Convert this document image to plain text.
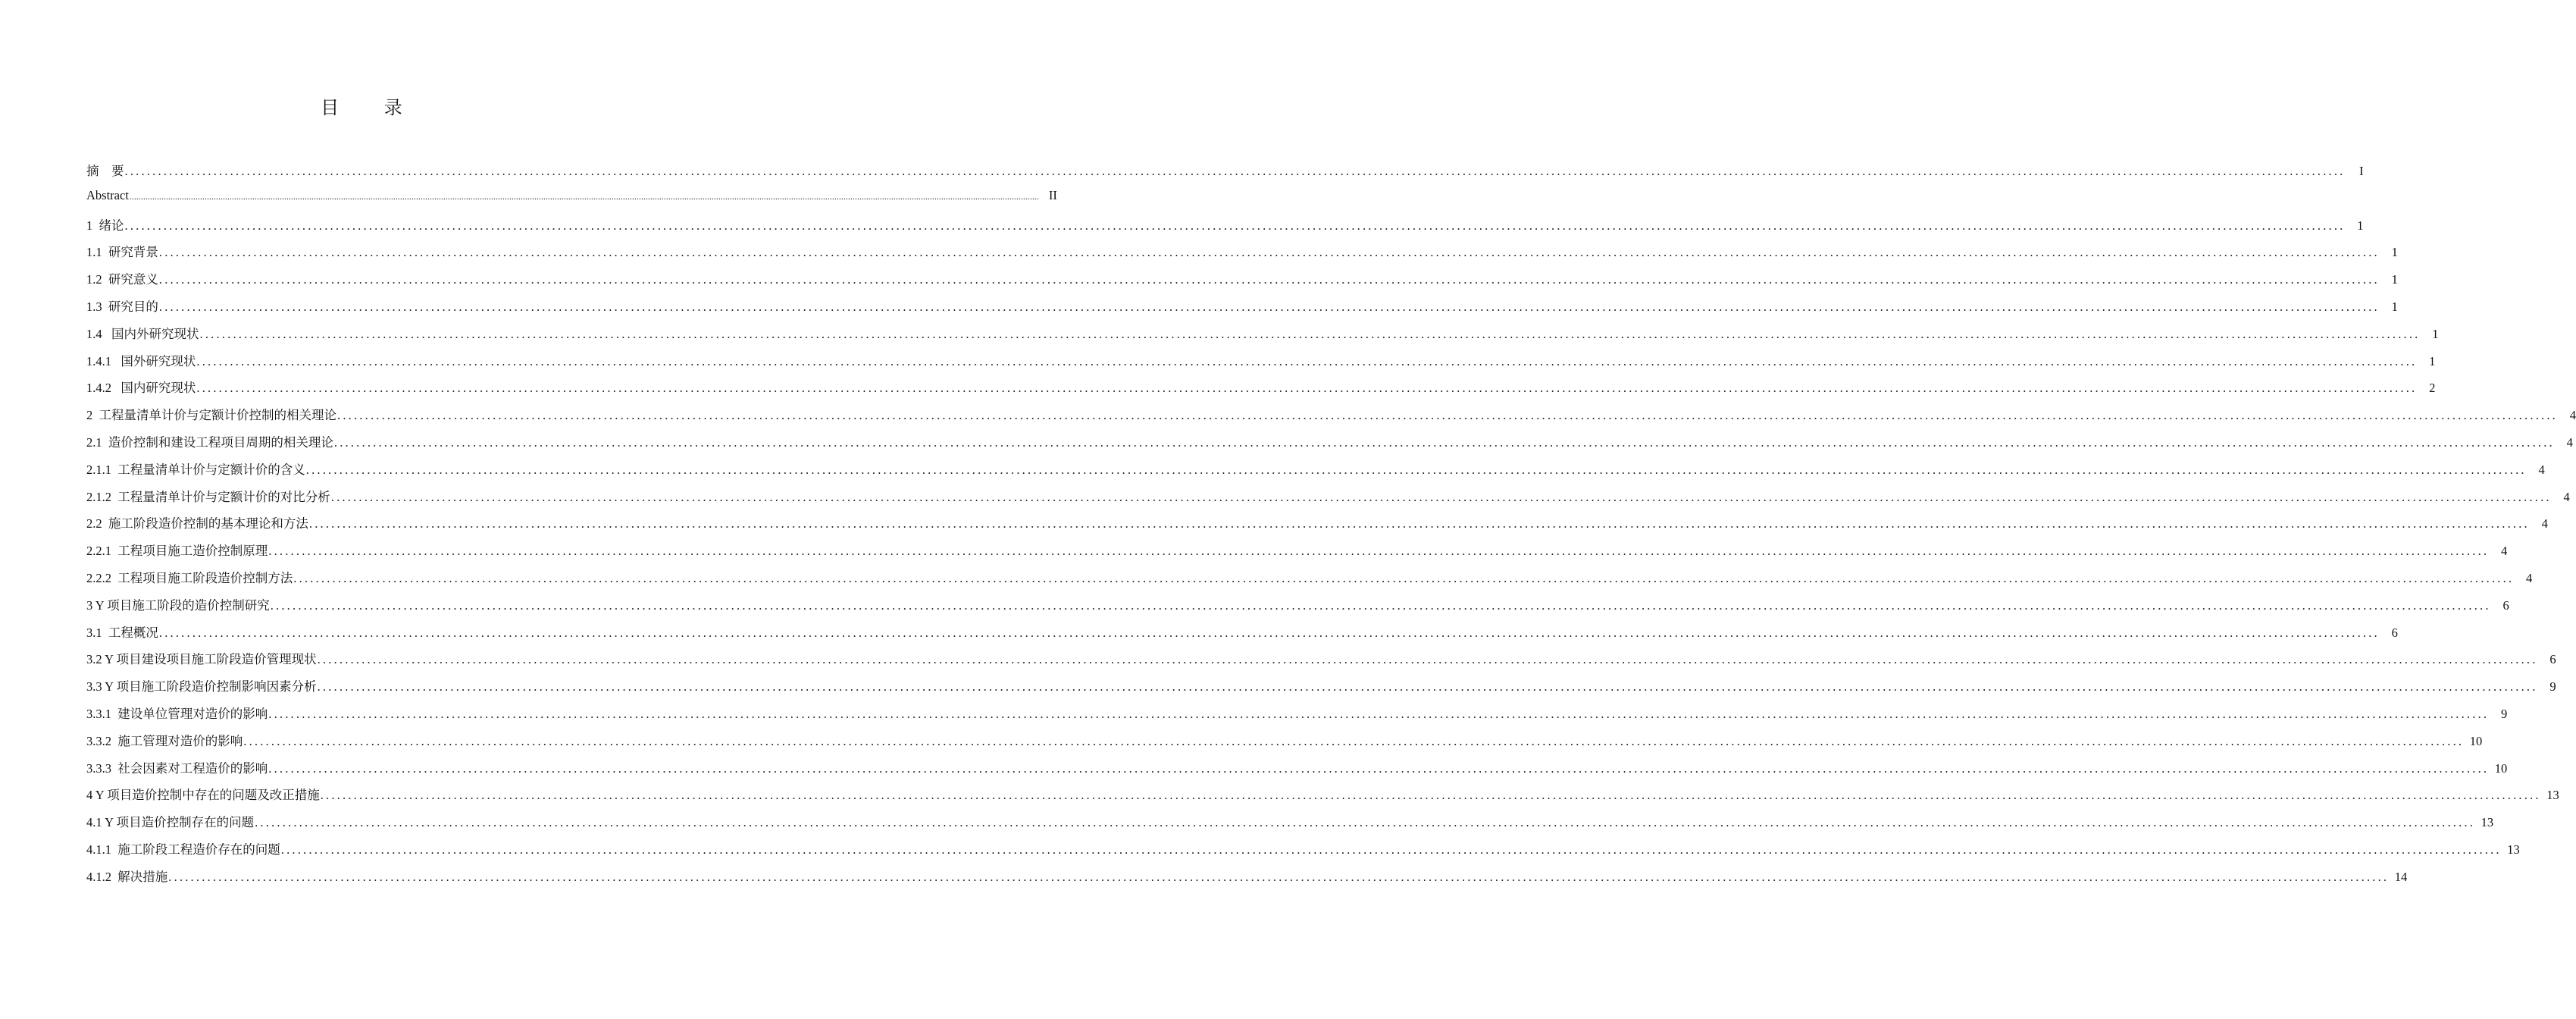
目 录
摘　要 ................................................................................................................................................................................................................................................................................................................................................................................................................	I
Abstract ................................................................................................................................................................................................................................................................................................................................................................................................................ II
1  绪论 ................................................................................................................................................................................................................................................................................................................................................................................................................ 1
1.1  研究背景 ................................................................................................................................................................................................................................................................................................................................................................................................................ 1
1.2  研究意义 ................................................................................................................................................................................................................................................................................................................................................................................................................ 1
1.3  研究目的 ................................................................................................................................................................................................................................................................................................................................................................................................................ 1
1.4   国内外研究现状 ................................................................................................................................................................................................................................................................................................................................................................................................................ 1
1.4.1   国外研究现状 ................................................................................................................................................................................................................................................................................................................................................................................................................ 1
1.4.2   国内研究现状 ................................................................................................................................................................................................................................................................................................................................................................................................................ 2
2  工程量清单计价与定额计价控制的相关理论 ................................................................................................................................................................................................................................................................................................................................................................................................................ 4
2.1  造价控制和建设工程项目周期的相关理论 ................................................................................................................................................................................................................................................................................................................................................................................................................ 4
2.1.1  工程量清单计价与定额计价的含义 ................................................................................................................................................................................................................................................................................................................................................................................................................ 4
2.1.2  工程量清单计价与定额计价的对比分析 ................................................................................................................................................................................................................................................................................................................................................................................................................ 4
2.2  施工阶段造价控制的基本理论和方法 ................................................................................................................................................................................................................................................................................................................................................................................................................ 4
2.2.1  工程项目施工造价控制原理 ................................................................................................................................................................................................................................................................................................................................................................................................................ 4
2.2.2  工程项目施工阶段造价控制方法 ................................................................................................................................................................................................................................................................................................................................................................................................................ 4
3 Y 项目施工阶段的造价控制研究 ................................................................................................................................................................................................................................................................................................................................................................................................................ 6
3.1  工程概况 ................................................................................................................................................................................................................................................................................................................................................................................................................ 6
3.2 Y 项目建设项目施工阶段造价管理现状 ................................................................................................................................................................................................................................................................................................................................................................................................................ 6
3.3 Y 项目施工阶段造价控制影响因素分析 ................................................................................................................................................................................................................................................................................................................................................................................................................ 9
3.3.1  建设单位管理对造价的影响 ................................................................................................................................................................................................................................................................................................................................................................................................................ 9
3.3.2  施工管理对造价的影响 ................................................................................................................................................................................................................................................................................................................................................................................................................ 10
3.3.3  社会因素对工程造价的影响 ................................................................................................................................................................................................................................................................................................................................................................................................................ 10
4 Y 项目造价控制中存在的问题及改正措施 ................................................................................................................................................................................................................................................................................................................................................................................................................ 13
4.1 Y 项目造价控制存在的问题 ................................................................................................................................................................................................................................................................................................................................................................................................................ 13
4.1.1  施工阶段工程造价存在的问题 ................................................................................................................................................................................................................................................................................................................................................................................................................ 13
4.1.2  解决措施 ................................................................................................................................................................................................................................................................................................................................................................................................................ 14
